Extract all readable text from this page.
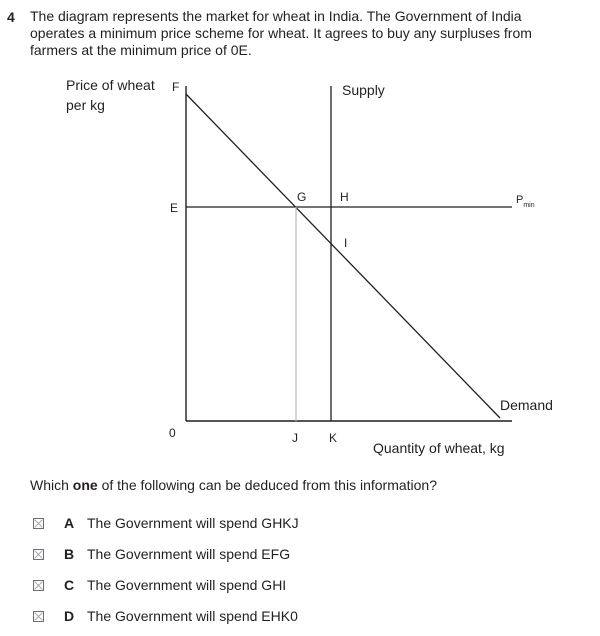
4 The diagram represents the market for wheat in India. The Government of India
operates a minimum price scheme for wheat. It agrees to buy any surpluses from
farmers at the minimum price of 0E.
Price of wheat
per kg
Quantity of wheat, kg
Supply
Demand
$P_{min}$
F
E
0
G	H
I
J	K
Which one of the following can be deduced from this information?
A The Government will spend GHKJ
B The Government will spend EFG
C The Government will spend GHI
D The Government will spend EHK0
